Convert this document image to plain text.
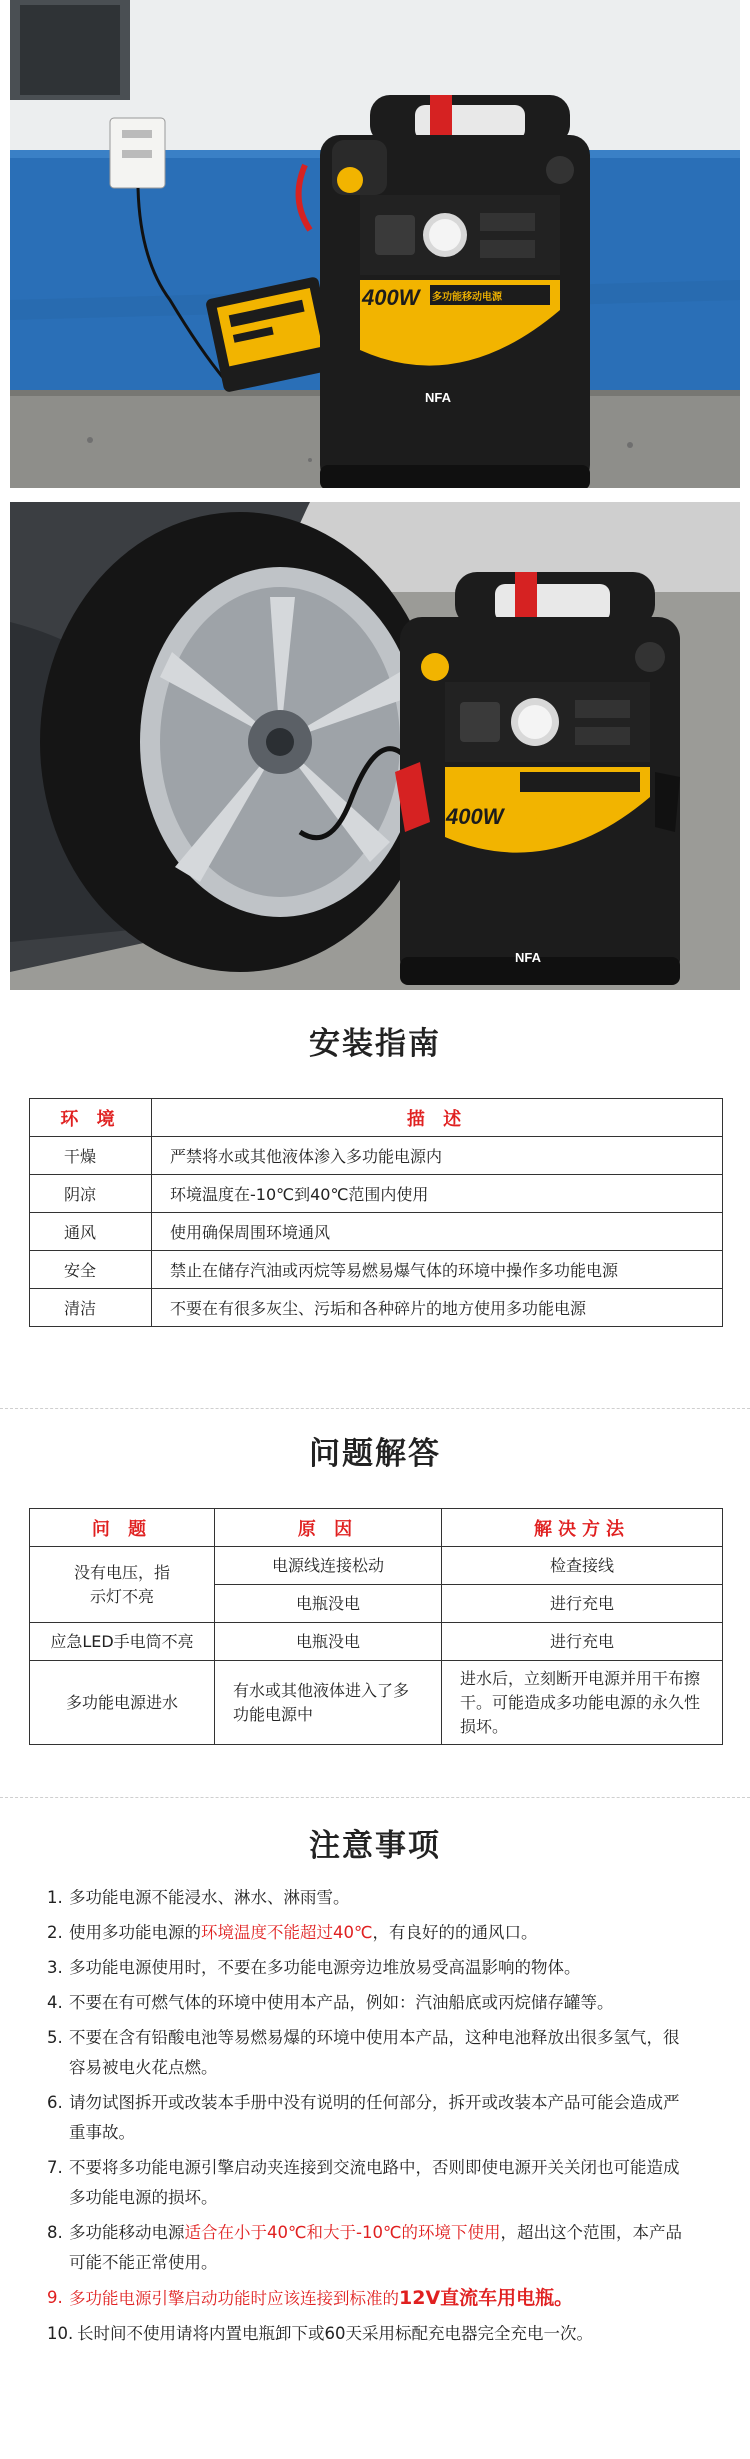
400W 多功能移动电源
NFA
400W 多功能移动电源
NFA
安装指南
环 境	描 述
干燥	严禁将水或其他液体渗入多功能电源内
阴凉	环境温度在-10℃到40℃范围内使用
通风	使用确保周围环境通风
安全	禁止在储存汽油或丙烷等易燃易爆气体的环境中操作多功能电源
清洁	不要在有很多灰尘、污垢和各种碎片的地方使用多功能电源
问题解答
问 题	原 因	解决方法
没有电压，指示灯不亮	电源线连接松动	检查接线
	电瓶没电	进行充电
应急LED手电筒不亮	电瓶没电	进行充电
多功能电源进水	有水或其他液体进入了多功能电源中	进水后，立刻断开电源并用干布擦干。可能造成多功能电源的永久性损坏。
注意事项
1. 多功能电源不能浸水、淋水、淋雨雪。
2. 使用多功能电源的环境温度不能超过40℃，有良好的的通风口。
3. 多功能电源使用时，不要在多功能电源旁边堆放易受高温影响的物体。
4. 不要在有可燃气体的环境中使用本产品，例如：汽油船底或丙烷储存罐等。
5. 不要在含有铅酸电池等易燃易爆的环境中使用本产品，这种电池释放出很多氢气，很容易被电火花点燃。
6. 请勿试图拆开或改装本手册中没有说明的任何部分，拆开或改装本产品可能会造成严重事故。
7. 不要将多功能电源引擎启动夹连接到交流电路中，否则即使电源开关关闭也可能造成多功能电源的损坏。
8. 多功能移动电源适合在小于40℃和大于-10℃的环境下使用，超出这个范围，本产品可能不能正常使用。
9. 多功能电源引擎启动功能时应该连接到标准的12V直流车用电瓶。
10. 长时间不使用请将内置电瓶卸下或60天采用标配充电器完全充电一次。
